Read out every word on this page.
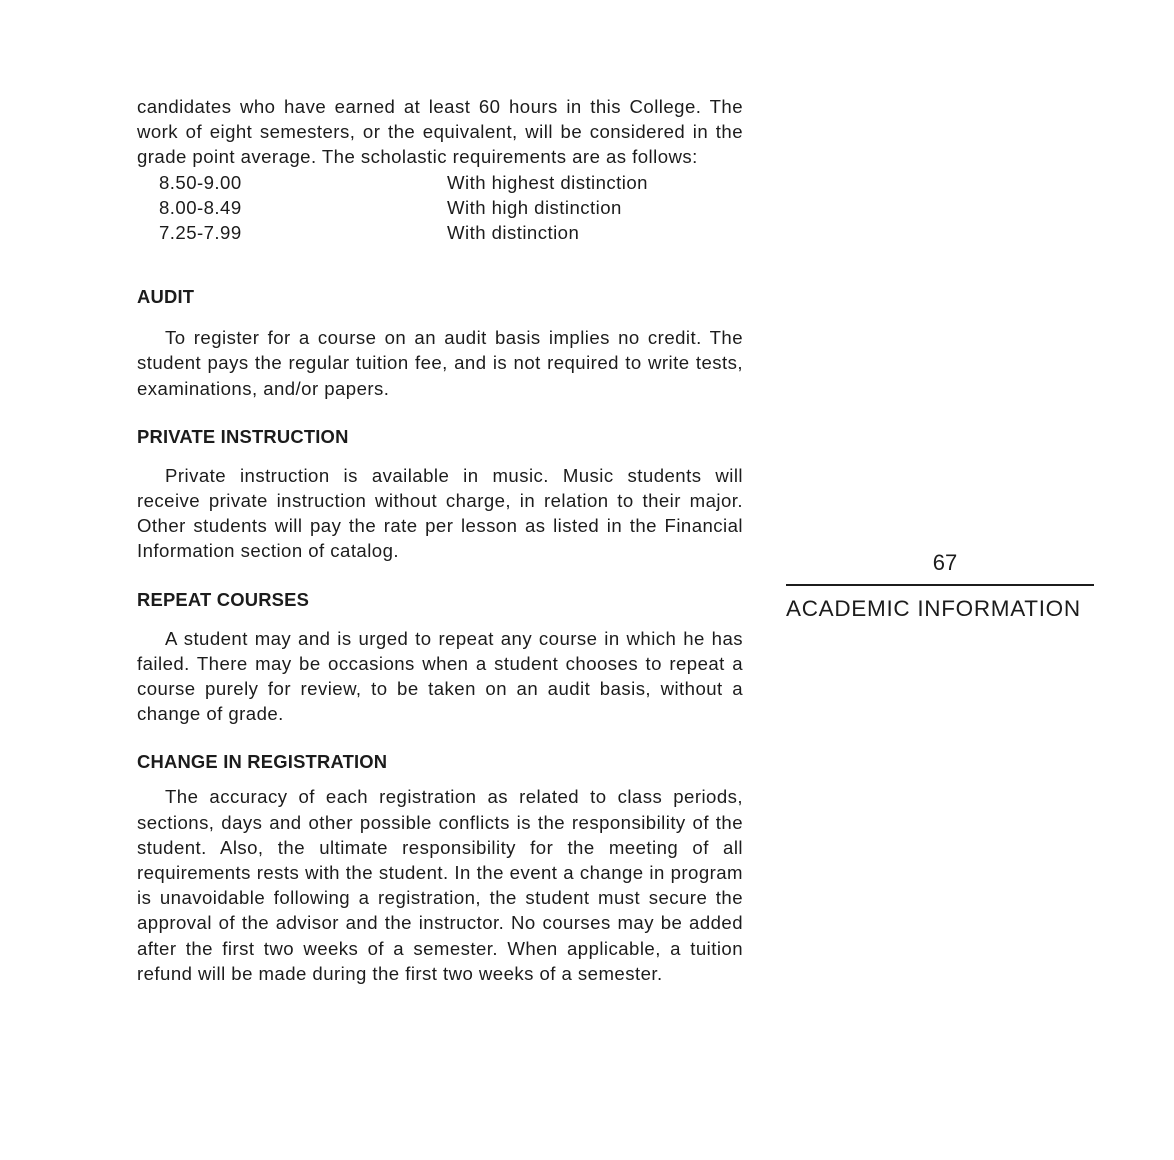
candidates who have earned at least 60 hours in this College. The work of eight semesters, or the equivalent, will be considered in the grade point average. The scholastic requirements are as follows:

8.50-9.00	With highest distinction
8.00-8.49	With high distinction
7.25-7.99	With distinction
AUDIT

To register for a course on an audit basis implies no credit. The student pays the regular tuition fee, and is not required to write tests, examinations, and/or papers.

PRIVATE INSTRUCTION

Private instruction is available in music. Music students will receive private instruction without charge, in relation to their major. Other students will pay the rate per lesson as listed in the Financial Information section of catalog.

REPEAT COURSES

A student may and is urged to repeat any course in which he has failed. There may be occasions when a student chooses to repeat a course purely for review, to be taken on an audit basis, without a change of grade.

CHANGE IN REGISTRATION

The accuracy of each registration as related to class periods, sections, days and other possible conflicts is the responsibility of the student. Also, the ultimate responsibility for the meeting of all requirements rests with the student. In the event a change in program is unavoidable following a registration, the student must secure the approval of the advisor and the instructor. No courses may be added after the first two weeks of a semester. When applicable, a tuition refund will be made during the first two weeks of a semester.

67
ACADEMIC INFORMATION
